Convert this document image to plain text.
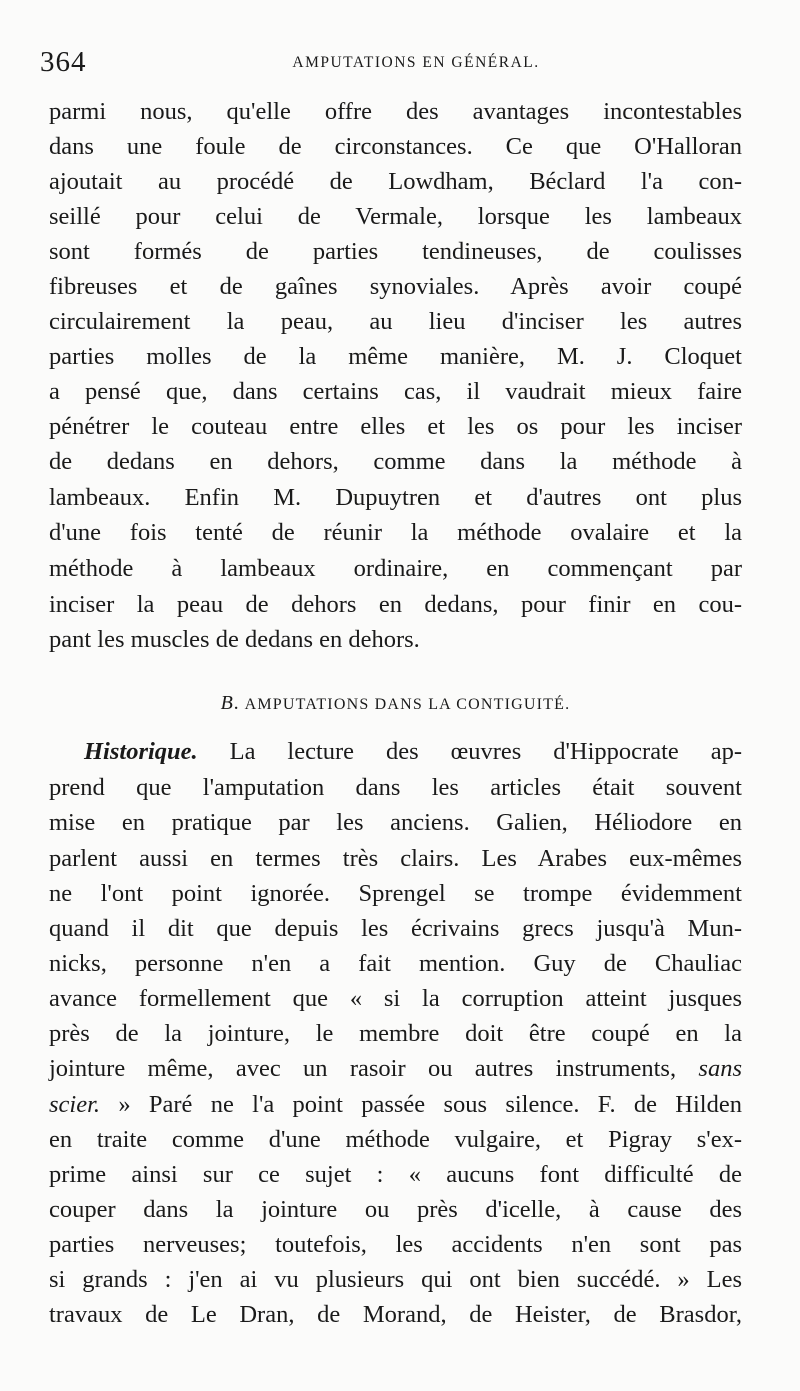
364	AMPUTATIONS EN GÉNÉRAL.
parmi nous, qu'elle offre des avantages incontestables
dans une foule de circonstances. Ce que O'Halloran
ajoutait au procédé de Lowdham, Béclard l'a con-
seillé pour celui de Vermale, lorsque les lambeaux
sont formés de parties tendineuses, de coulisses
fibreuses et de gaînes synoviales. Après avoir coupé
circulairement la peau, au lieu d'inciser les autres
parties molles de la même manière, M. J. Cloquet
a pensé que, dans certains cas, il vaudrait mieux faire
pénétrer le couteau entre elles et les os pour les inciser
de dedans en dehors, comme dans la méthode à
lambeaux. Enfin M. Dupuytren et d'autres ont plus
d'une fois tenté de réunir la méthode ovalaire et la
méthode à lambeaux ordinaire, en commençant par
inciser la peau de dehors en dedans, pour finir en cou-
pant les muscles de dedans en dehors.
B. AMPUTATIONS DANS LA CONTIGUITÉ.
Historique. La lecture des œuvres d'Hippocrate ap-
prend que l'amputation dans les articles était souvent
mise en pratique par les anciens. Galien, Héliodore en
parlent aussi en termes très clairs. Les Arabes eux-mêmes
ne l'ont point ignorée. Sprengel se trompe évidemment
quand il dit que depuis les écrivains grecs jusqu'à Mun-
nicks, personne n'en a fait mention. Guy de Chauliac
avance formellement que « si la corruption atteint jusques
près de la jointure, le membre doit être coupé en la
jointure même, avec un rasoir ou autres instruments, sans
scier. » Paré ne l'a point passée sous silence. F. de Hilden
en traite comme d'une méthode vulgaire, et Pigray s'ex-
prime ainsi sur ce sujet : « aucuns font difficulté de
couper dans la jointure ou près d'icelle, à cause des
parties nerveuses; toutefois, les accidents n'en sont pas
si grands : j'en ai vu plusieurs qui ont bien succédé. » Les
travaux de Le Dran, de Morand, de Heister, de Brasdor,
